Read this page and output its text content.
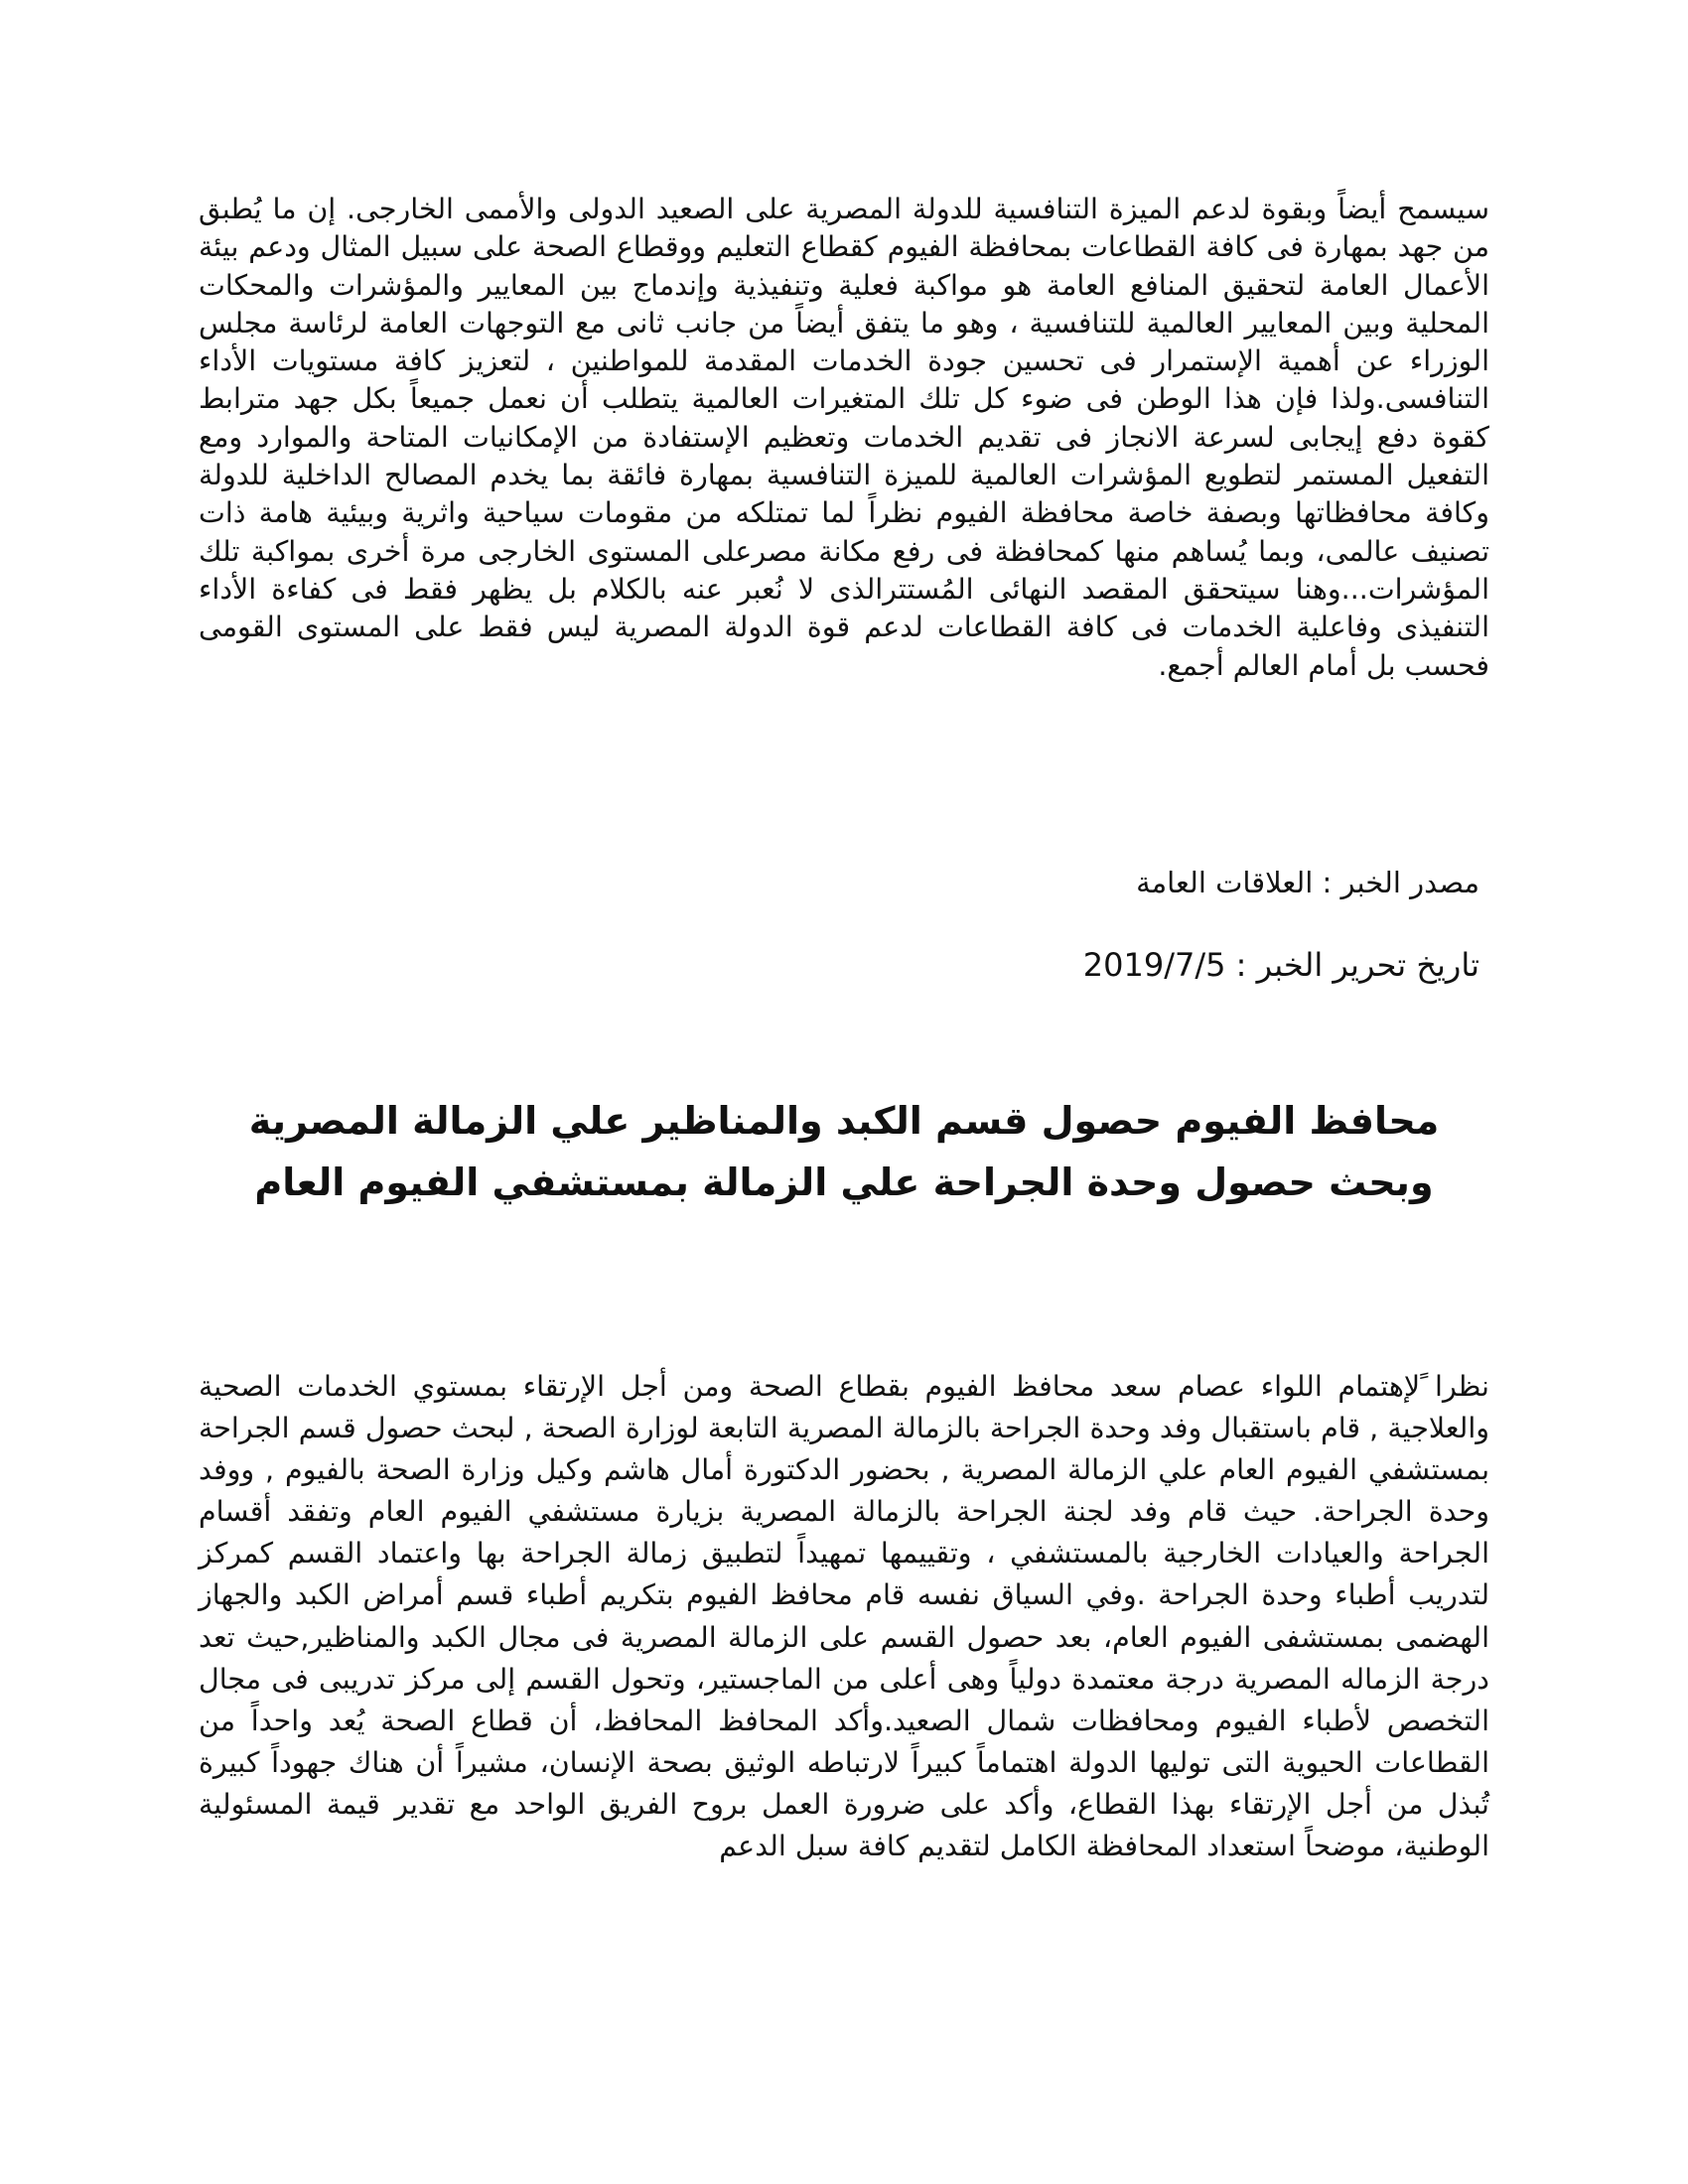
سيسمح أيضاً وبقوة لدعم الميزة التنافسية للدولة المصرية على الصعيد الدولى والأممى الخارجى. إن ما يُطبق من جهد بمهارة فى كافة القطاعات بمحافظة الفيوم كقطاع التعليم ووقطاع الصحة على سبيل المثال ودعم بيئة الأعمال العامة لتحقيق المنافع العامة هو مواكبة فعلية وتنفيذية وإندماج بين المعايير والمؤشرات والمحكات المحلية وبين المعايير العالمية للتنافسية ، وهو ما يتفق أيضاً من جانب ثانى مع التوجهات العامة لرئاسة مجلس الوزراء عن أهمية الإستمرار فى تحسين جودة الخدمات المقدمة للمواطنين ، لتعزيز كافة مستويات الأداء التنافسى.ولذا فإن هذا الوطن فى ضوء كل تلك المتغيرات العالمية يتطلب أن نعمل جميعاً بكل جهد مترابط كقوة دفع إيجابى لسرعة الانجاز فى تقديم الخدمات وتعظيم الإستفادة من الإمكانيات المتاحة والموارد ومع التفعيل المستمر لتطويع المؤشرات العالمية للميزة التنافسية بمهارة فائقة بما يخدم المصالح الداخلية للدولة وكافة محافظاتها وبصفة خاصة محافظة الفيوم نظراً لما تمتلكه من مقومات سياحية واثرية وبيئية هامة ذات تصنيف عالمى، وبما يُساهم منها كمحافظة فى رفع مكانة مصرعلى المستوى الخارجى مرة أخرى بمواكبة تلك المؤشرات...وهنا سيتحقق المقصد النهائى المُستترالذى لا نُعبر عنه بالكلام بل يظهر فقط فى كفاءة الأداء التنفيذى وفاعلية الخدمات فى كافة القطاعات لدعم قوة الدولة المصرية ليس فقط على المستوى القومى فحسب بل أمام العالم أجمع.

مصدر الخبر : العلاقات العامة

تاريخ تحرير الخبر : 2019/7/5

محافظ الفيوم حصول قسم الكبد والمناظير علي الزمالة المصرية وبحث حصول وحدة الجراحة علي الزمالة بمستشفي الفيوم العام

نظرا ًلإهتمام اللواء عصام سعد محافظ الفيوم بقطاع الصحة ومن أجل الإرتقاء بمستوي الخدمات الصحية والعلاجية , قام باستقبال وفد وحدة الجراحة بالزمالة المصرية التابعة لوزارة الصحة , لبحث حصول قسم الجراحة بمستشفي الفيوم العام علي الزمالة المصرية , بحضور الدكتورة أمال هاشم وكيل وزارة الصحة بالفيوم , ووفد وحدة الجراحة. حيث قام وفد لجنة الجراحة بالزمالة المصرية بزيارة مستشفي الفيوم العام وتفقد أقسام الجراحة والعيادات الخارجية بالمستشفي ، وتقييمها تمهيداً لتطبيق زمالة الجراحة بها واعتماد القسم كمركز لتدريب أطباء وحدة الجراحة .وفي السياق نفسه قام محافظ الفيوم بتكريم أطباء قسم أمراض الكبد والجهاز الهضمى بمستشفى الفيوم العام، بعد حصول القسم على الزمالة المصرية فى مجال الكبد والمناظير,حيث تعد درجة الزماله المصرية درجة معتمدة دولياً وهى أعلى من الماجستير، وتحول القسم إلى مركز تدريبى فى مجال التخصص لأطباء الفيوم ومحافظات شمال الصعيد.وأكد المحافظ المحافظ، أن قطاع الصحة يُعد واحداً من القطاعات الحيوية التى توليها الدولة اهتماماً كبيراً لارتباطه الوثيق بصحة الإنسان، مشيراً أن هناك جهوداً كبيرة تُبذل من أجل الإرتقاء بهذا القطاع، وأكد على ضرورة العمل بروح الفريق الواحد مع تقدير قيمة المسئولية الوطنية، موضحاً استعداد المحافظة الكامل لتقديم كافة سبل الدعم
